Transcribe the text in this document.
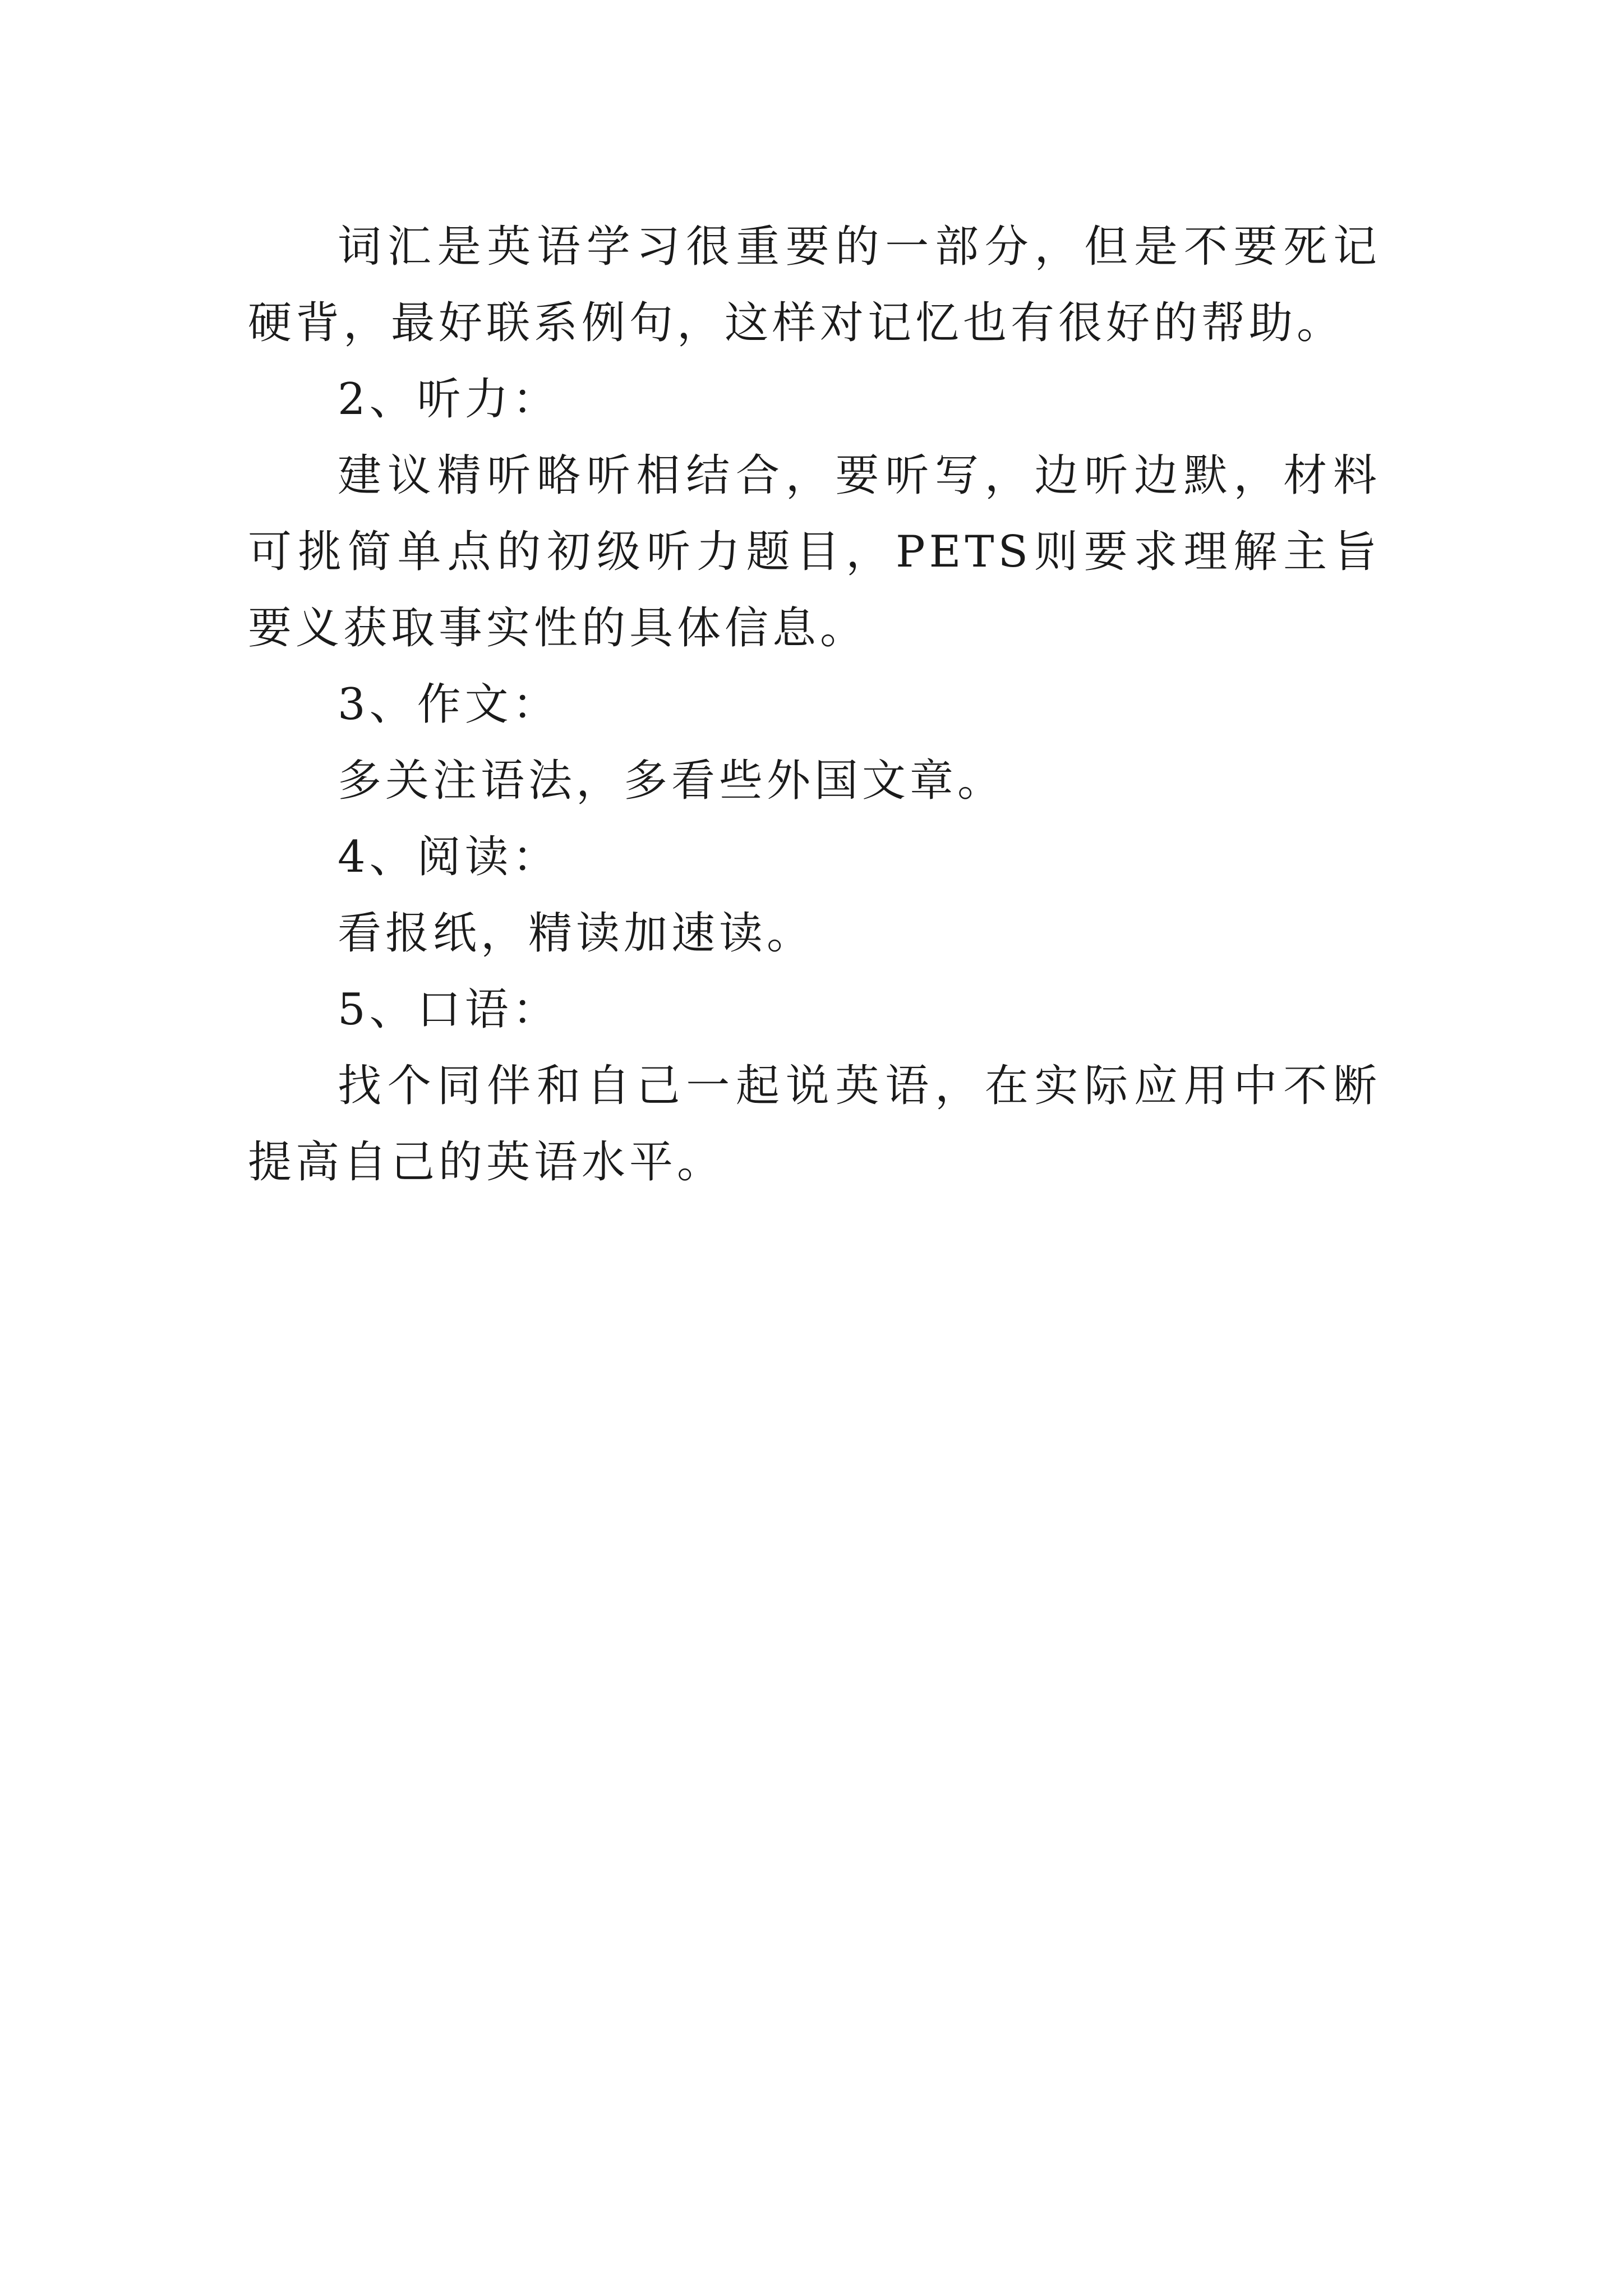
词汇是英语学习很重要的一部分，但是不要死记硬背，最好联系例句，这样对记忆也有很好的帮助。

2、听力：

建议精听略听相结合，要听写，边听边默，材料可挑简单点的初级听力题目，PETS则要求理解主旨要义获取事实性的具体信息。

3、作文：

多关注语法，多看些外国文章。

4、阅读：

看报纸，精读加速读。

5、口语：

找个同伴和自己一起说英语，在实际应用中不断提高自己的英语水平。
